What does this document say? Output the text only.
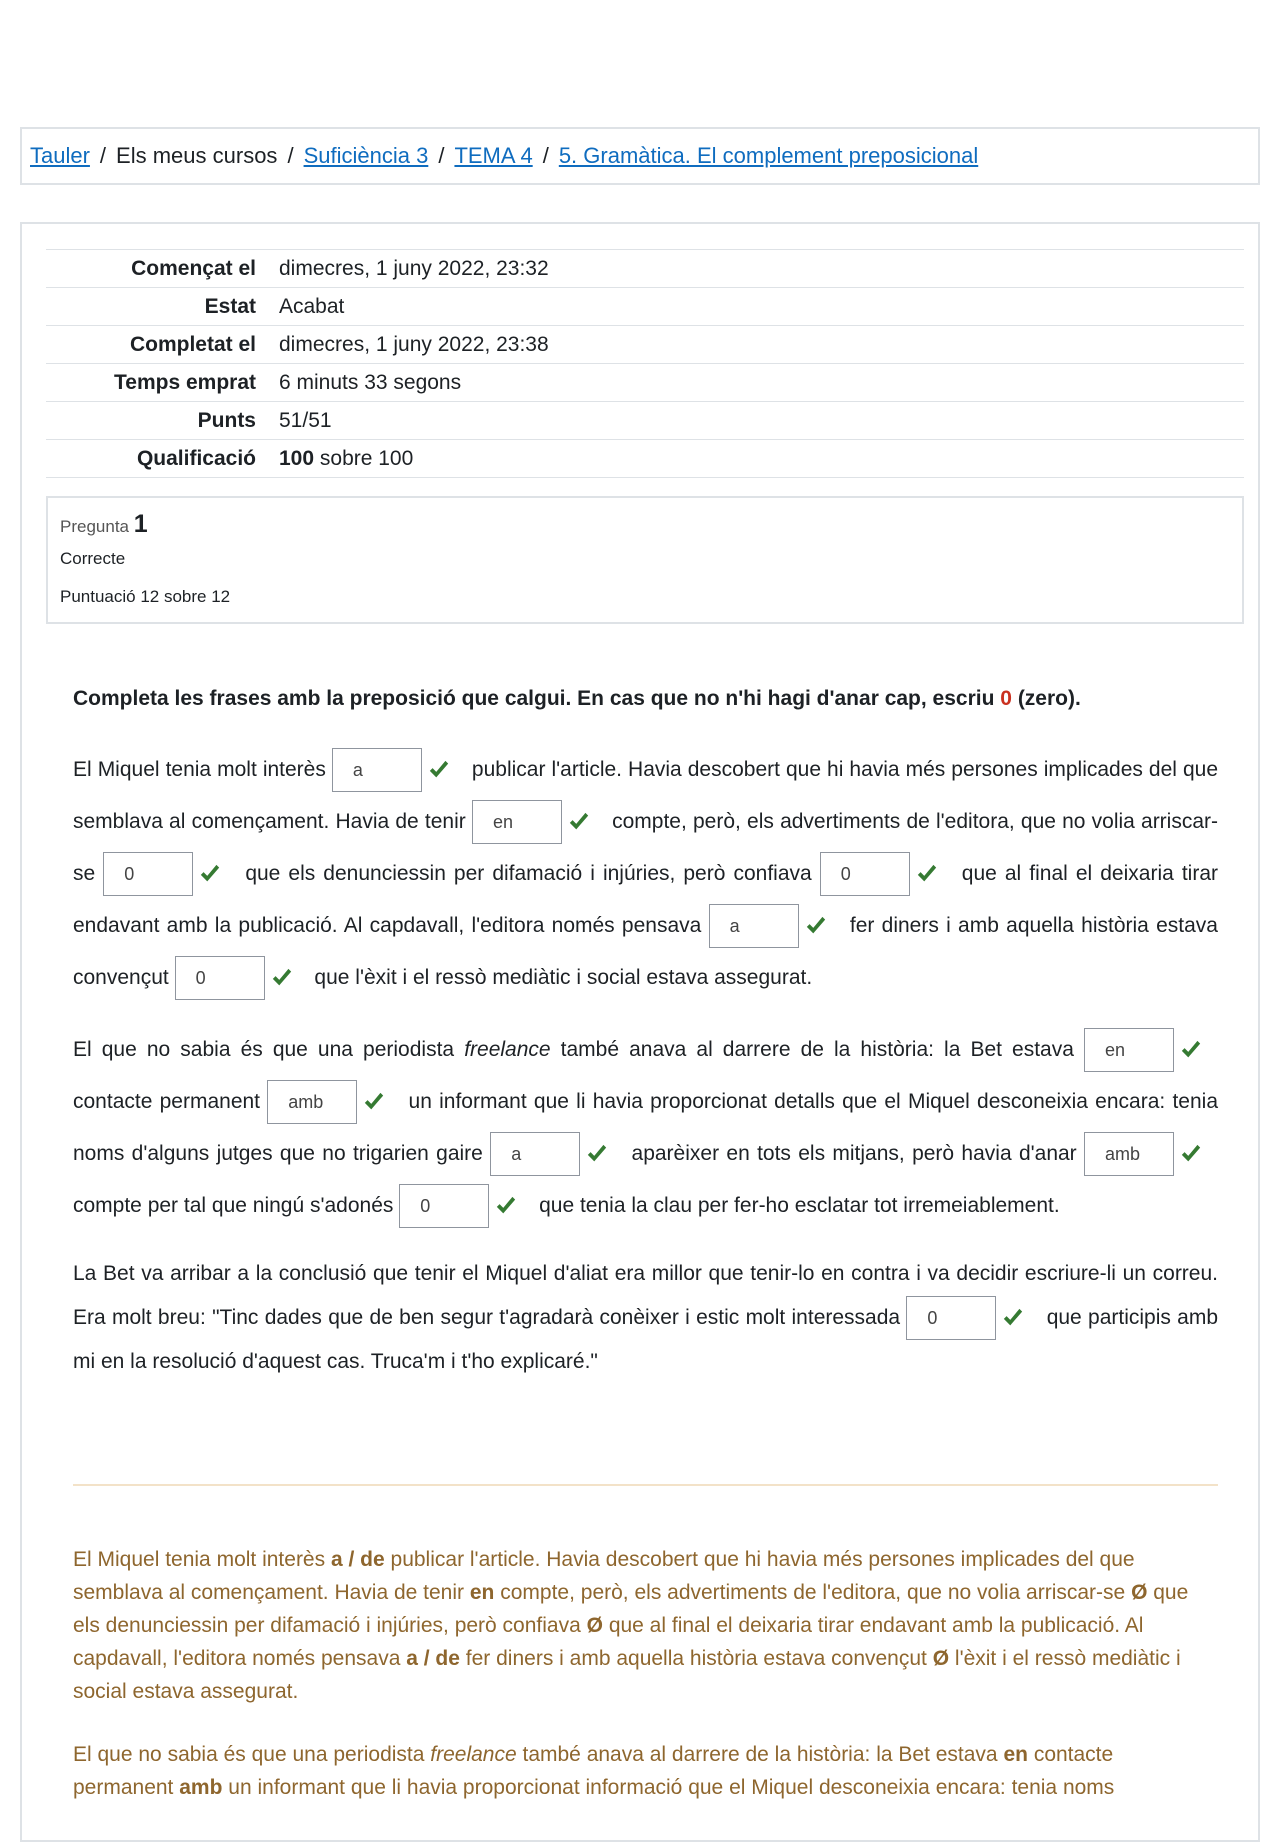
Tauler / Els meus cursos / Suficiència 3 / TEMA 4 / 5. Gramàtica. El complement preposicional
Començat el	dimecres, 1 juny 2022, 23:32
Estat	Acabat
Completat el	dimecres, 1 juny 2022, 23:38
Temps emprat	6 minuts 33 segons
Punts	51/51
Qualificació	100 sobre 100
Pregunta 1
Correcte
Puntuació 12 sobre 12
Completa les frases amb la preposició que calgui. En cas que no n'hi hagi d'anar cap, escriu 0 (zero).

El Miquel tenia molt interès a	publicar l'article. Havia descobert que hi havia més persones implicades del que semblava al començament. Havia de tenir en	compte, però, els advertiments de l'editora, que no volia arriscar-se 0	que els denunciessin per difamació i injúries, però confiava 0	que al final el deixaria tirar endavant amb la publicació. Al capdavall, l'editora només pensava a	fer diners i amb aquella història estava convençut 0	que l'èxit i el ressò mediàtic i social estava assegurat.

El que no sabia és que una periodista freelance també anava al darrere de la història: la Bet estava en contacte permanent amb	un informant que li havia proporcionat detalls que el Miquel desconeixia encara: tenia noms d'alguns jutges que no trigarien gaire a	aparèixer en tots els mitjans, però havia d'anar amb compte per tal que ningú s'adonés 0	que tenia la clau per fer-ho esclatar tot irremeiablement.

La Bet va arribar a la conclusió que tenir el Miquel d'aliat era millor que tenir-lo en contra i va decidir escriure-li un correu. Era molt breu: "Tinc dades que de ben segur t'agradarà conèixer i estic molt interessada 0	que participis amb mi en la resolució d'aquest cas. Truca'm i t'ho explicaré."

El Miquel tenia molt interès a / de publicar l'article. Havia descobert que hi havia més persones implicades del que semblava al començament. Havia de tenir en compte, però, els advertiments de l'editora, que no volia arriscar-se Ø que els denunciessin per difamació i injúries, però confiava Ø que al final el deixaria tirar endavant amb la publicació. Al capdavall, l'editora només pensava a / de fer diners i amb aquella història estava convençut Ø l'èxit i el ressò mediàtic i social estava assegurat.

El que no sabia és que una periodista freelance també anava al darrere de la història: la Bet estava en contacte permanent amb un informant que li havia proporcionat informació que el Miquel desconeixia encara: tenia noms
